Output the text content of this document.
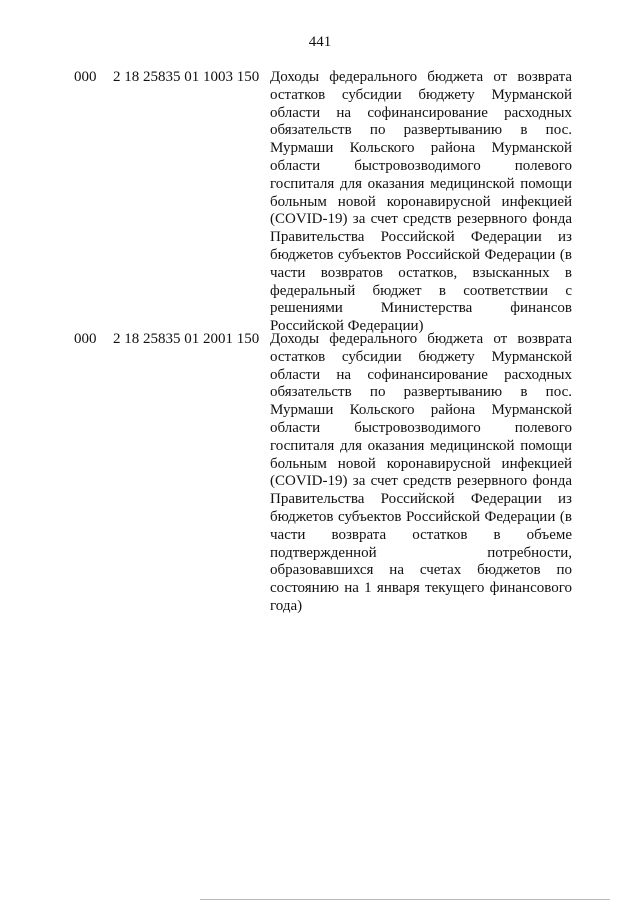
441
000 2 18 25835 01 1003 150 Доходы федерального бюджета от возврата остатков субсидии бюджету Мурманской области на софинансирование расходных обязательств по развертыванию в пос. Мурмаши Кольского района Мурманской области быстровозводимого полевого госпиталя для оказания медицинской помощи больным новой коронавирусной инфекцией (COVID-19) за счет средств резервного фонда Правительства Российской Федерации из бюджетов субъектов Российской Федерации (в части возвратов остатков, взысканных в федеральный бюджет в соответствии с решениями Министерства финансов Российской Федерации)

000 2 18 25835 01 2001 150 Доходы федерального бюджета от возврата остатков субсидии бюджету Мурманской области на софинансирование расходных обязательств по развертыванию в пос. Мурмаши Кольского района Мурманской области быстровозводимого полевого госпиталя для оказания медицинской помощи больным новой коронавирусной инфекцией (COVID-19) за счет средств резервного фонда Правительства Российской Федерации из бюджетов субъектов Российской Федерации (в части возврата остатков в объеме подтвержденной потребности, образовавшихся на счетах бюджетов по состоянию на 1 января текущего финансового года)
